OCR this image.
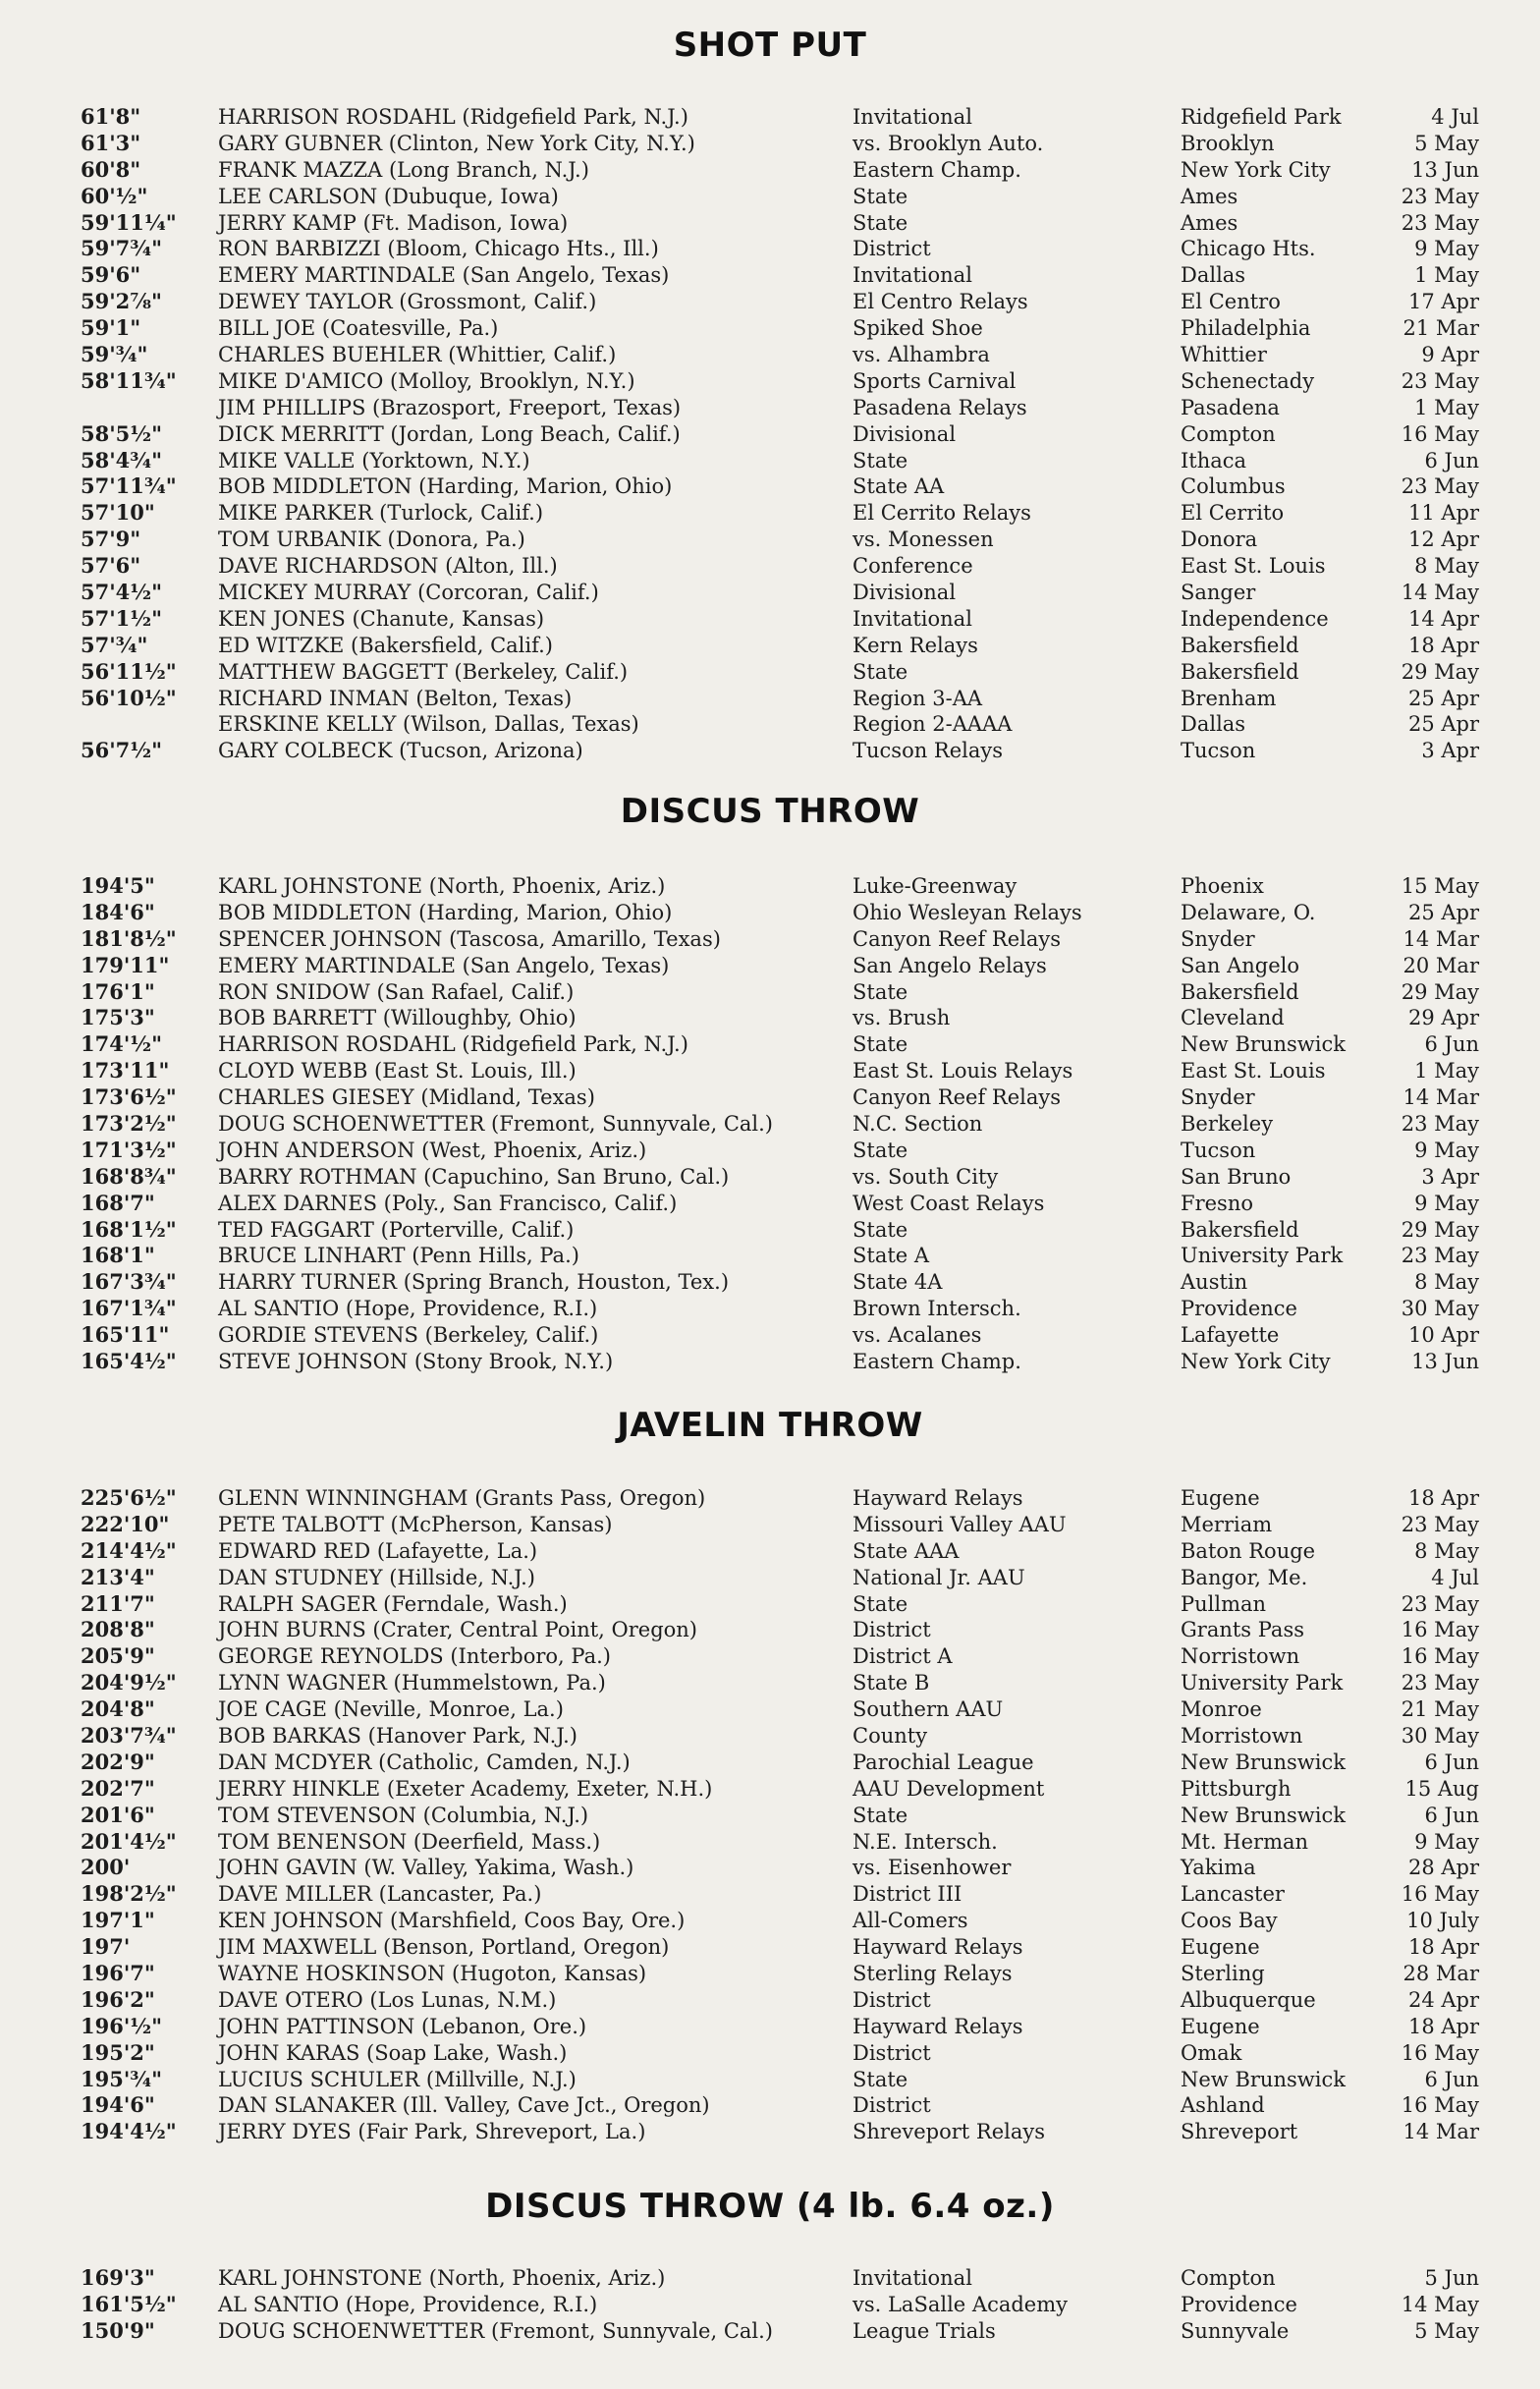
SHOT PUT
61'8"	HARRISON ROSDAHL (Ridgefield Park, N.J.)	Invitational	Ridgefield Park	4 Jul
61'3"	GARY GUBNER (Clinton, New York City, N.Y.)	vs. Brooklyn Auto.	Brooklyn	5 May
60'8"	FRANK MAZZA (Long Branch, N.J.)	Eastern Champ.	New York City	13 Jun
60'½"	LEE CARLSON (Dubuque, Iowa)	State	Ames	23 May
59'11¼" JERRY KAMP (Ft. Madison, Iowa)	State	Ames	23 May
59'7¾"	RON BARBIZZI (Bloom, Chicago Hts., Ill.)	District	Chicago Hts.	9 May
59'6"	EMERY MARTINDALE (San Angelo, Texas)	Invitational	Dallas	1 May
59'2⅞"	DEWEY TAYLOR (Grossmont, Calif.)	El Centro Relays	El Centro	17 Apr
59'1"	BILL JOE (Coatesville, Pa.)	Spiked Shoe	Philadelphia	21 Mar
59'¾"	CHARLES BUEHLER (Whittier, Calif.)	vs. Alhambra	Whittier	9 Apr
58'11¾" MIKE D'AMICO (Molloy, Brooklyn, N.Y.)	Sports Carnival	Schenectady	23 May
JIM PHILLIPS (Brazosport, Freeport, Texas)	Pasadena Relays	Pasadena	1 May
58'5½"	DICK MERRITT (Jordan, Long Beach, Calif.)	Divisional	Compton	16 May
58'4¾"	MIKE VALLE (Yorktown, N.Y.)	State	Ithaca	6 Jun
57'11¾" BOB MIDDLETON (Harding, Marion, Ohio)	State AA	Columbus	23 May
57'10"	MIKE PARKER (Turlock, Calif.)	El Cerrito Relays	El Cerrito	11 Apr
57'9"	TOM URBANIK (Donora, Pa.)	vs. Monessen	Donora	12 Apr
57'6"	DAVE RICHARDSON (Alton, Ill.)	Conference	East St. Louis	8 May
57'4½"	MICKEY MURRAY (Corcoran, Calif.)	Divisional	Sanger	14 May
57'1½"	KEN JONES (Chanute, Kansas)	Invitational	Independence	14 Apr
57'¾"	ED WITZKE (Bakersfield, Calif.)	Kern Relays	Bakersfield	18 Apr
56'11½" MATTHEW BAGGETT (Berkeley, Calif.)	State	Bakersfield	29 May
56'10½" RICHARD INMAN (Belton, Texas)	Region 3-AA	Brenham	25 Apr
ERSKINE KELLY (Wilson, Dallas, Texas)	Region 2-AAAA	Dallas	25 Apr
56'7½"	GARY COLBECK (Tucson, Arizona)	Tucson Relays	Tucson	3 Apr
DISCUS THROW
194'5"	KARL JOHNSTONE (North, Phoenix, Ariz.)	Luke-Greenway	Phoenix	15 May
184'6"	BOB MIDDLETON (Harding, Marion, Ohio)	Ohio Wesleyan Relays	Delaware, O.	25 Apr
181'8½" SPENCER JOHNSON (Tascosa, Amarillo, Texas)	Canyon Reef Relays	Snyder	14 Mar
179'11" EMERY MARTINDALE (San Angelo, Texas)	San Angelo Relays	San Angelo	20 Mar
176'1"	RON SNIDOW (San Rafael, Calif.)	State	Bakersfield	29 May
175'3"	BOB BARRETT (Willoughby, Ohio)	vs. Brush	Cleveland	29 Apr
174'½"	HARRISON ROSDAHL (Ridgefield Park, N.J.)	State	New Brunswick	6 Jun
173'11" CLOYD WEBB (East St. Louis, Ill.)	East St. Louis Relays	East St. Louis	1 May
173'6½" CHARLES GIESEY (Midland, Texas)	Canyon Reef Relays	Snyder	14 Mar
173'2½" DOUG SCHOENWETTER (Fremont, Sunnyvale, Cal.)	N.C. Section	Berkeley	23 May
171'3½" JOHN ANDERSON (West, Phoenix, Ariz.)	State	Tucson	9 May
168'8¾" BARRY ROTHMAN (Capuchino, San Bruno, Cal.)	vs. South City	San Bruno	3 Apr
168'7"	ALEX DARNES (Poly., San Francisco, Calif.)	West Coast Relays	Fresno	9 May
168'1½" TED FAGGART (Porterville, Calif.)	State	Bakersfield	29 May
168'1"	BRUCE LINHART (Penn Hills, Pa.)	State A	University Park	23 May
167'3¾" HARRY TURNER (Spring Branch, Houston, Tex.)	State 4A	Austin	8 May
167'1¾" AL SANTIO (Hope, Providence, R.I.)	Brown Intersch.	Providence	30 May
165'11" GORDIE STEVENS (Berkeley, Calif.)	vs. Acalanes	Lafayette	10 Apr
165'4½" STEVE JOHNSON (Stony Brook, N.Y.)	Eastern Champ.	New York City	13 Jun
JAVELIN THROW
225'6½" GLENN WINNINGHAM (Grants Pass, Oregon)	Hayward Relays	Eugene	18 Apr
222'10" PETE TALBOTT (McPherson, Kansas)	Missouri Valley AAU	Merriam	23 May
214'4½" EDWARD RED (Lafayette, La.)	State AAA	Baton Rouge	8 May
213'4"	DAN STUDNEY (Hillside, N.J.)	National Jr. AAU	Bangor, Me.	4 Jul
211'7"	RALPH SAGER (Ferndale, Wash.)	State	Pullman	23 May
208'8"	JOHN BURNS (Crater, Central Point, Oregon)	District	Grants Pass	16 May
205'9"	GEORGE REYNOLDS (Interboro, Pa.)	District A	Norristown	16 May
204'9½" LYNN WAGNER (Hummelstown, Pa.)	State B	University Park	23 May
204'8"	JOE CAGE (Neville, Monroe, La.)	Southern AAU	Monroe	21 May
203'7¾" BOB BARKAS (Hanover Park, N.J.)	County	Morristown	30 May
202'9"	DAN MCDYER (Catholic, Camden, N.J.)	Parochial League	New Brunswick	6 Jun
202'7"	JERRY HINKLE (Exeter Academy, Exeter, N.H.)	AAU Development	Pittsburgh	15 Aug
201'6"	TOM STEVENSON (Columbia, N.J.)	State	New Brunswick	6 Jun
201'4½" TOM BENENSON (Deerfield, Mass.)	N.E. Intersch.	Mt. Herman	9 May
200'	JOHN GAVIN (W. Valley, Yakima, Wash.)	vs. Eisenhower	Yakima	28 Apr
198'2½" DAVE MILLER (Lancaster, Pa.)	District III	Lancaster	16 May
197'1"	KEN JOHNSON (Marshfield, Coos Bay, Ore.)	All-Comers	Coos Bay	10 July
197'	JIM MAXWELL (Benson, Portland, Oregon)	Hayward Relays	Eugene	18 Apr
196'7"	WAYNE HOSKINSON (Hugoton, Kansas)	Sterling Relays	Sterling	28 Mar
196'2"	DAVE OTERO (Los Lunas, N.M.)	District	Albuquerque	24 Apr
196'½"	JOHN PATTINSON (Lebanon, Ore.)	Hayward Relays	Eugene	18 Apr
195'2"	JOHN KARAS (Soap Lake, Wash.)	District	Omak	16 May
195'¾"	LUCIUS SCHULER (Millville, N.J.)	State	New Brunswick	6 Jun
194'6"	DAN SLANAKER (Ill. Valley, Cave Jct., Oregon)	District	Ashland	16 May
194'4½" JERRY DYES (Fair Park, Shreveport, La.)	Shreveport Relays	Shreveport	14 Mar
DISCUS THROW (4 lb. 6.4 oz.)
169'3"	KARL JOHNSTONE (North, Phoenix, Ariz.)	Invitational	Compton	5 Jun
161'5½" AL SANTIO (Hope, Providence, R.I.)	vs. LaSalle Academy	Providence	14 May
150'9"	DOUG SCHOENWETTER (Fremont, Sunnyvale, Cal.)	League Trials	Sunnyvale	5 May
